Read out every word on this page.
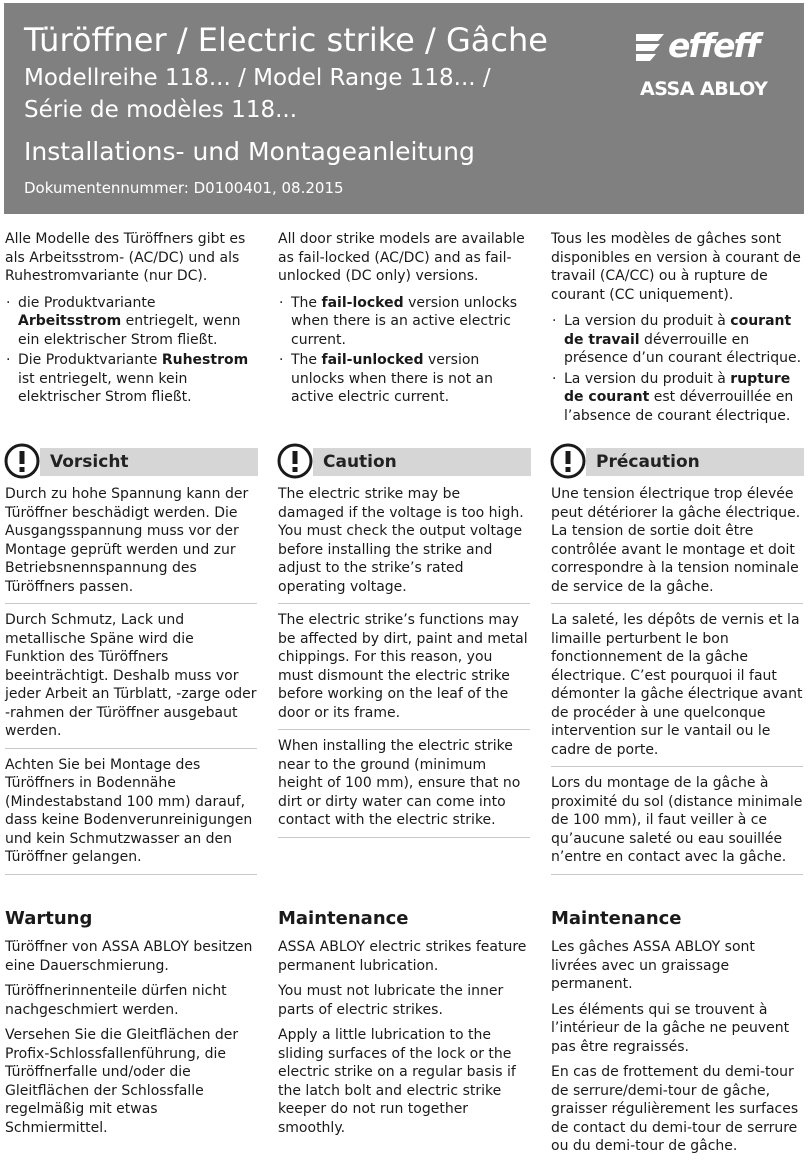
Türöffner / Electric strike / Gâche
Modellreihe 118... / Model Range 118... /
Série de modèles 118...
Installations- und Montageanleitung
Dokumentennummer: D0100401, 08.2015
effeff
ASSA ABLOY

Alle Modelle des Türöffners gibt es als Arbeitsstrom- (AC/DC) und als Ruhestromvariante (nur DC).

· die Produktvariante Arbeitsstrom entriegelt, wenn ein elektrischer Strom fließt.
· Die Produktvariante Ruhestrom ist entriegelt, wenn kein elektrischer Strom fließt.

All door strike models are available as fail-locked (AC/DC) and as fail-unlocked (DC only) versions.

· The fail-locked version unlocks when there is an active electric current.
· The fail-unlocked version unlocks when there is not an active electric current.

Tous les modèles de gâches sont disponibles en version à courant de travail (CA/CC) ou à rupture de courant (CC uniquement).

· La version du produit à courant de travail déverrouille en présence d’un courant électrique.
· La version du produit à rupture de courant est déverrouillée en l’absence de courant électrique.
Vorsicht	Caution	Précaution

Durch zu hohe Spannung kann der Türöffner beschädigt werden. Die Ausgangsspannung muss vor der Montage geprüft werden und zur Betriebsnennspannung des Türöffners passen.

Durch Schmutz, Lack und metallische Späne wird die Funktion des Türöffners beeinträchtigt. Deshalb muss vor jeder Arbeit an Türblatt, -zarge oder -rahmen der Türöffner ausgebaut werden.

Achten Sie bei Montage des Türöffners in Bodennähe (Mindestabstand 100 mm) darauf, dass keine Bodenverunreinigungen und kein Schmutzwasser an den Türöffner gelangen.

The electric strike may be damaged if the voltage is too high. You must check the output voltage before installing the strike and adjust to the strike’s rated operating voltage.

The electric strike’s functions may be affected by dirt, paint and metal chippings. For this reason, you must dismount the electric strike before working on the leaf of the door or its frame.

When installing the electric strike near to the ground (minimum height of 100 mm), ensure that no dirt or dirty water can come into contact with the electric strike.

Une tension électrique trop élevée peut détériorer la gâche électrique. La tension de sortie doit être contrôlée avant le montage et doit correspondre à la tension nominale de service de la gâche.

La saleté, les dépôts de vernis et la limaille perturbent le bon fonctionnement de la gâche électrique. C’est pourquoi il faut démonter la gâche électrique avant de procéder à une quelconque intervention sur le vantail ou le cadre de porte.

Lors du montage de la gâche à proximité du sol (distance minimale de 100 mm), il faut veiller à ce qu’aucune saleté ou eau souillée n’entre en contact avec la gâche.

Wartung	Maintenance	Maintenance

Türöffner von ASSA ABLOY besitzen eine Dauerschmierung.

Türöffnerinnenteile dürfen nicht nachgeschmiert werden.

Versehen Sie die Gleitflächen der Profix-Schlossfallenführung, die Türöffnerfalle und/oder die Gleitflächen der Schlossfalle regelmäßig mit etwas Schmiermittel.

ASSA ABLOY electric strikes feature permanent lubrication.

You must not lubricate the inner parts of electric strikes.

Apply a little lubrication to the sliding surfaces of the lock or the electric strike on a regular basis if the latch bolt and electric strike keeper do not run together smoothly.

Les gâches ASSA ABLOY sont livrées avec un graissage permanent.

Les éléments qui se trouvent à l’intérieur de la gâche ne peuvent pas être regraissés.

En cas de frottement du demi-tour de serrure/demi-tour de gâche, graisser régulièrement les surfaces de contact du demi-tour de serrure ou du demi-tour de gâche.
